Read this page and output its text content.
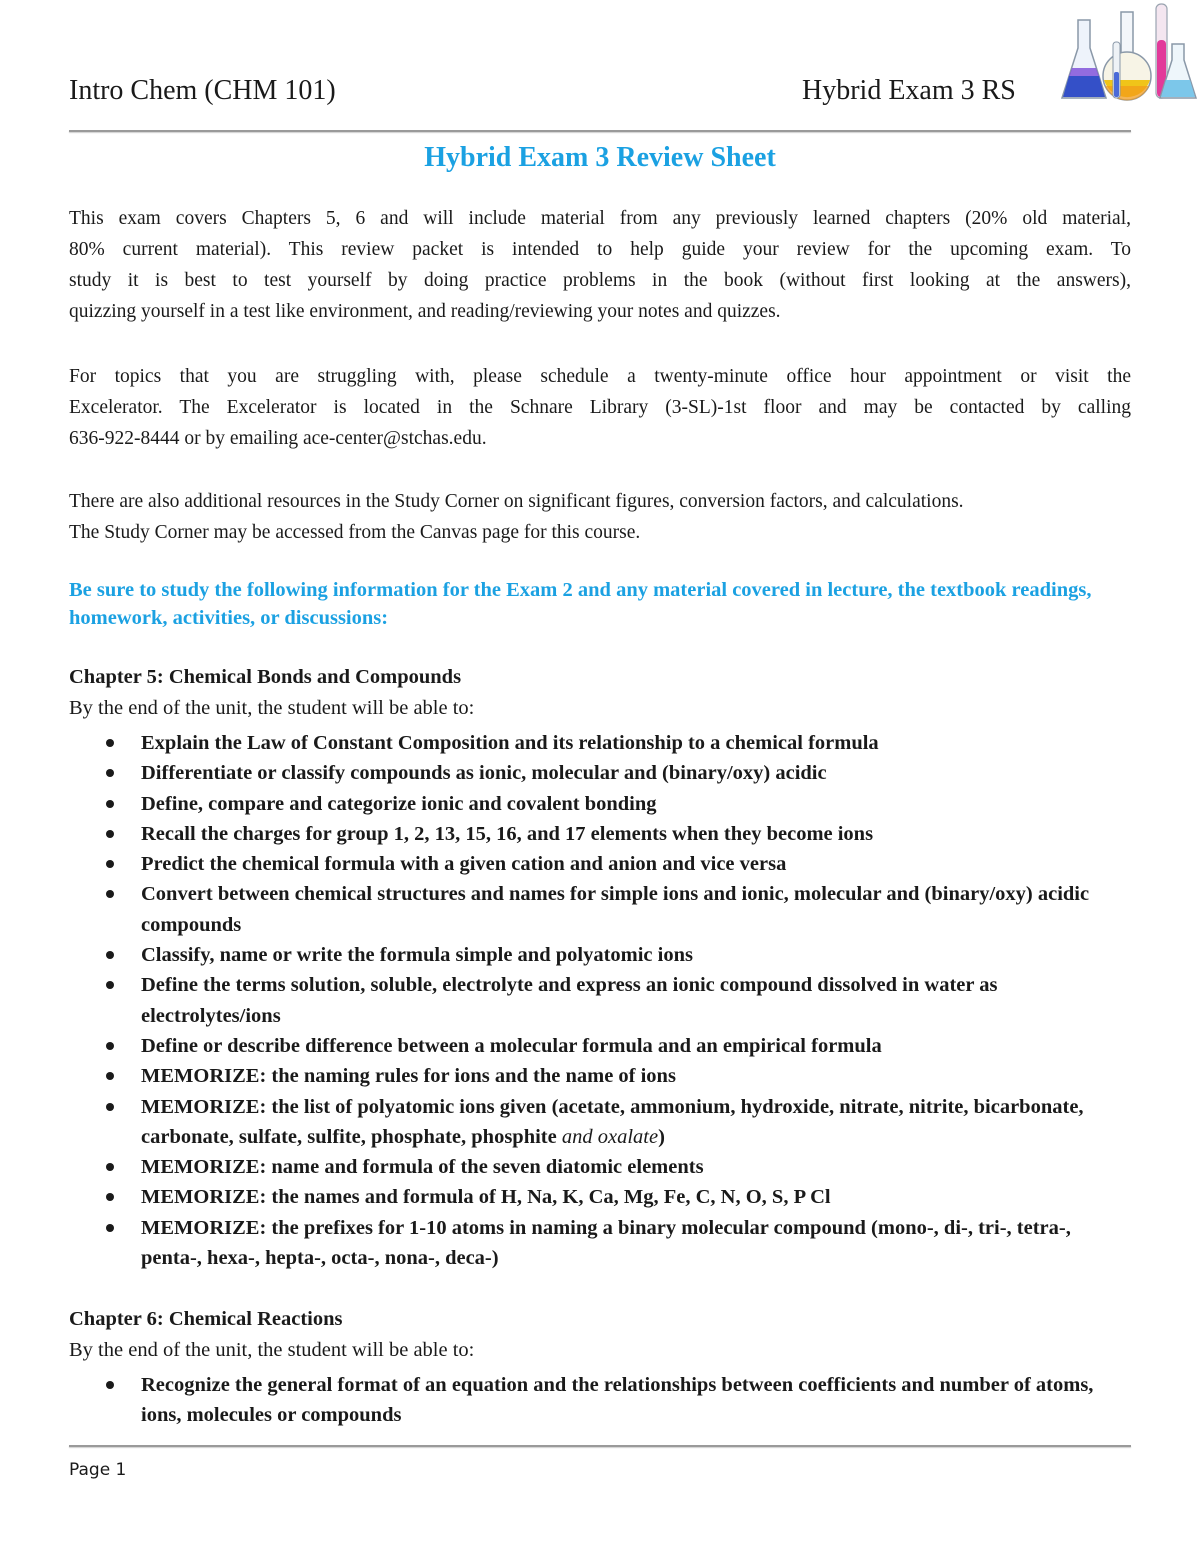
Intro Chem (CHM 101)	Hybrid Exam 3 RS
Hybrid Exam 3 Review Sheet
This exam covers Chapters 5, 6 and will include material from any previously learned chapters (20% old material,
80% current material). This review packet is intended to help guide your review for the upcoming exam. To
study it is best to test yourself by doing practice problems in the book (without first looking at the answers),
quizzing yourself in a test like environment, and reading/reviewing your notes and quizzes.
For topics that you are struggling with, please schedule a twenty-minute office hour appointment or visit the
Excelerator. The Excelerator is located in the Schnare Library (3-SL)-1st floor and may be contacted by calling
636-922-8444 or by emailing ace-center@stchas.edu.
There are also additional resources in the Study Corner on significant figures, conversion factors, and calculations.
The Study Corner may be accessed from the Canvas page for this course.
Be sure to study the following information for the Exam 2 and any material covered in lecture, the textbook readings, homework, activities, or discussions:
Chapter 5: Chemical Bonds and Compounds
By the end of the unit, the student will be able to:
Explain the Law of Constant Composition and its relationship to a chemical formula
Differentiate or classify compounds as ionic, molecular and (binary/oxy) acidic
Define, compare and categorize ionic and covalent bonding
Recall the charges for group 1, 2, 13, 15, 16, and 17 elements when they become ions
Predict the chemical formula with a given cation and anion and vice versa
Convert between chemical structures and names for simple ions and ionic, molecular and (binary/oxy) acidic compounds
Classify, name or write the formula simple and polyatomic ions
Define the terms solution, soluble, electrolyte and express an ionic compound dissolved in water as electrolytes/ions
Define or describe difference between a molecular formula and an empirical formula
MEMORIZE: the naming rules for ions and the name of ions
MEMORIZE: the list of polyatomic ions given (acetate, ammonium, hydroxide, nitrate, nitrite, bicarbonate, carbonate, sulfate, sulfite, phosphate, phosphite and oxalate)
MEMORIZE: name and formula of the seven diatomic elements
MEMORIZE: the names and formula of H, Na, K, Ca, Mg, Fe, C, N, O, S, P Cl
MEMORIZE: the prefixes for 1-10 atoms in naming a binary molecular compound (mono-, di-, tri-, tetra-, penta-, hexa-, hepta-, octa-, nona-, deca-)
Chapter 6: Chemical Reactions
By the end of the unit, the student will be able to:
Recognize the general format of an equation and the relationships between coefficients and number of atoms, ions, molecules or compounds
Page 1
